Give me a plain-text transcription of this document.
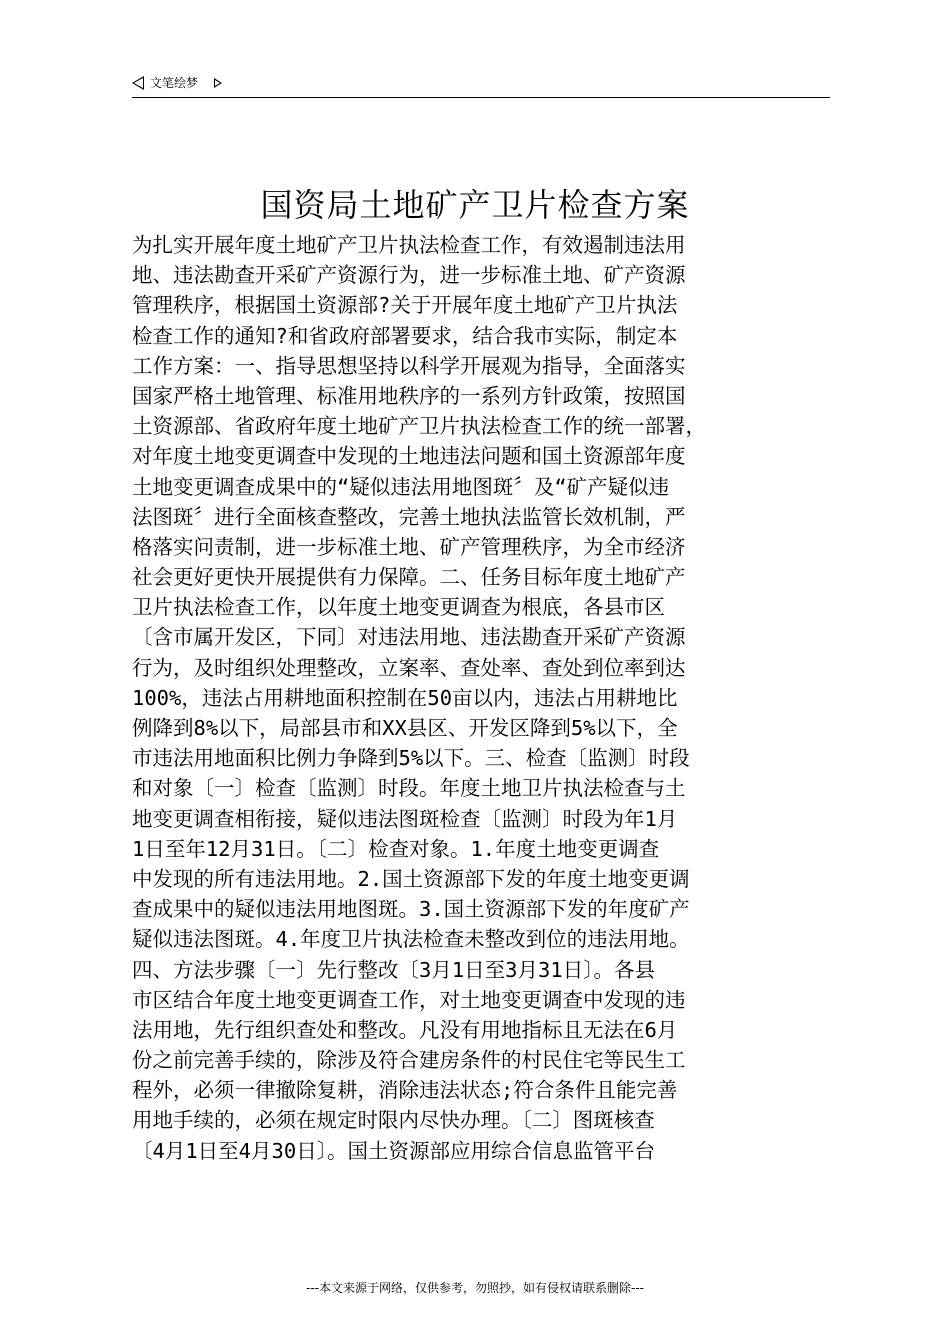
文笔绘梦
国资局土地矿产卫片检查方案
为扎实开展年度土地矿产卫片执法检查工作，有效遏制违法用
地、违法勘查开采矿产资源行为，进一步标准土地、矿产资源
管理秩序，根据国土资源部?关于开展年度土地矿产卫片执法
检查工作的通知?和省政府部署要求，结合我市实际，制定本
工作方案：一、指导思想坚持以科学开展观为指导，全面落实
国家严格土地管理、标准用地秩序的一系列方针政策，按照国
土资源部、省政府年度土地矿产卫片执法检查工作的统一部署，
对年度土地变更调查中发现的土地违法问题和国土资源部年度
土地变更调查成果中的“疑似违法用地图斑〞及“矿产疑似违
法图斑〞进行全面核查整改，完善土地执法监管长效机制，严
格落实问责制，进一步标准土地、矿产管理秩序，为全市经济
社会更好更快开展提供有力保障。二、任务目标年度土地矿产
卫片执法检查工作，以年度土地变更调查为根底，各县市区
〔含市属开发区，下同〕对违法用地、违法勘查开采矿产资源
行为，及时组织处理整改，立案率、查处率、查处到位率到达
100%，违法占用耕地面积控制在50亩以内，违法占用耕地比
例降到8%以下，局部县市和XX县区、开发区降到5%以下，全
市违法用地面积比例力争降到5%以下。三、检查〔监测〕时段
和对象〔一〕检查〔监测〕时段。年度土地卫片执法检查与土
地变更调查相衔接，疑似违法图斑检查〔监测〕时段为年1月
1日至年12月31日。〔二〕检查对象。1.年度土地变更调查
中发现的所有违法用地。2.国土资源部下发的年度土地变更调
查成果中的疑似违法用地图斑。3.国土资源部下发的年度矿产
疑似违法图斑。4.年度卫片执法检查未整改到位的违法用地。
四、方法步骤〔一〕先行整改〔3月1日至3月31日〕。各县
市区结合年度土地变更调查工作，对土地变更调查中发现的违
法用地，先行组织查处和整改。凡没有用地指标且无法在6月
份之前完善手续的，除涉及符合建房条件的村民住宅等民生工
程外，必须一律撤除复耕，消除违法状态;符合条件且能完善
用地手续的，必须在规定时限内尽快办理。〔二〕图斑核查
〔4月1日至4月30日〕。国土资源部应用综合信息监管平台
---本文来源于网络，仅供参考，勿照抄，如有侵权请联系删除---
